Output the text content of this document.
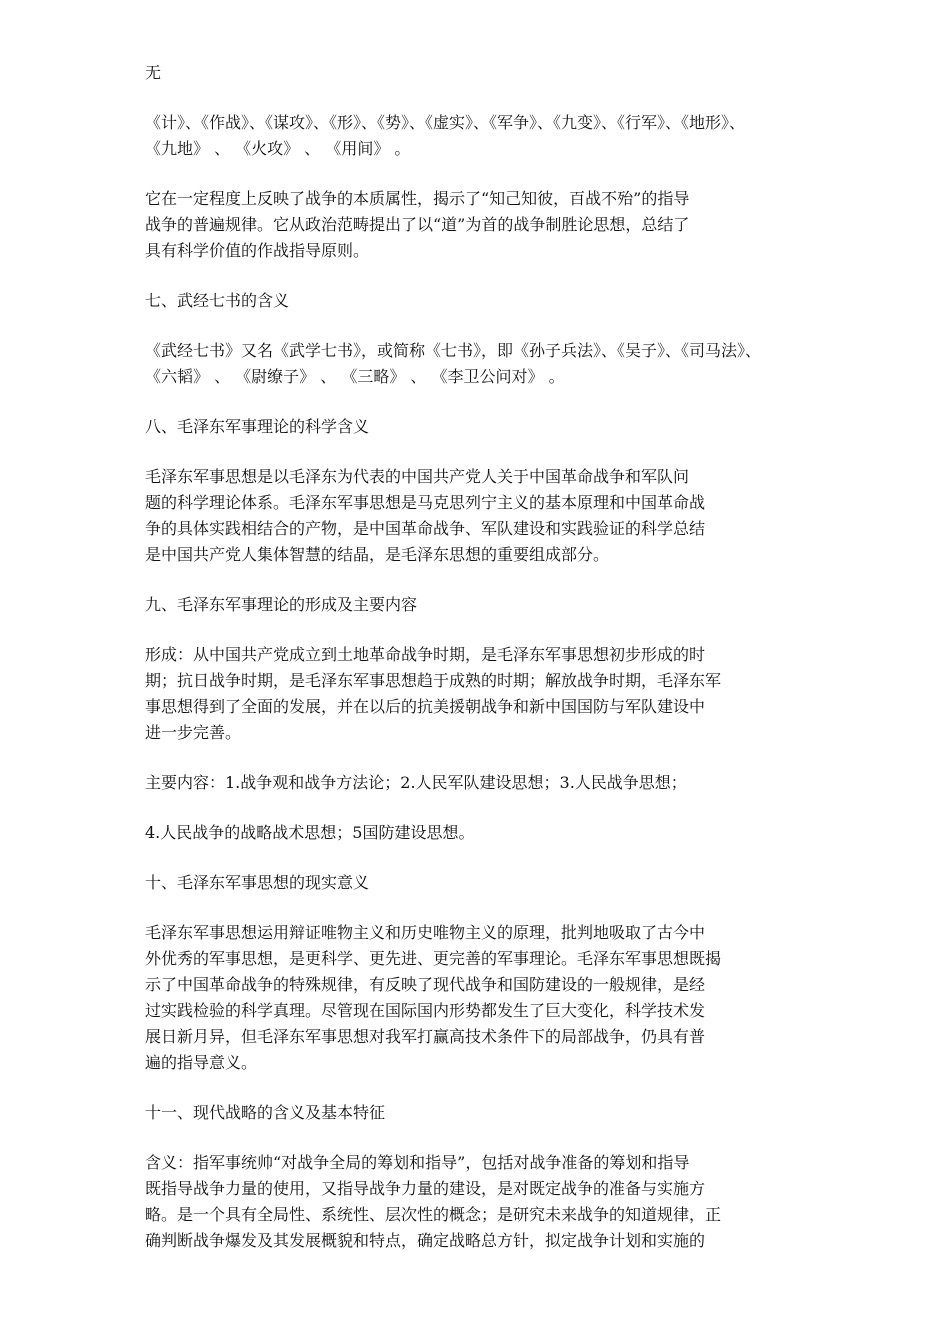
无
《计》、《作战》、《谋攻》、《形》、《势》、《虚实》、《军争》、《九变》、《行军》、《地形》、
《九地》 、 《火攻》 、 《用间》 。
它在一定程度上反映了战争的本质属性，揭示了“知己知彼，百战不殆”的指导
战争的普遍规律。它从政治范畴提出了以“道”为首的战争制胜论思想，总结了
具有科学价值的作战指导原则。
七、武经七书的含义
《武经七书》又名《武学七书》，或简称《七书》，即《孙子兵法》、《吴子》、《司马法》、
《六韬》 、 《尉缭子》 、 《三略》 、 《李卫公问对》 。
八、毛泽东军事理论的科学含义
毛泽东军事思想是以毛泽东为代表的中国共产党人关于中国革命战争和军队问
题的科学理论体系。毛泽东军事思想是马克思列宁主义的基本原理和中国革命战
争的具体实践相结合的产物，是中国革命战争、军队建设和实践验证的科学总结
是中国共产党人集体智慧的结晶，是毛泽东思想的重要组成部分。
九、毛泽东军事理论的形成及主要内容
形成：从中国共产党成立到土地革命战争时期，是毛泽东军事思想初步形成的时
期；抗日战争时期，是毛泽东军事思想趋于成熟的时期；解放战争时期，毛泽东军
事思想得到了全面的发展，并在以后的抗美援朝战争和新中国国防与军队建设中
进一步完善。
主要内容：1.战争观和战争方法论；2.人民军队建设思想；3.人民战争思想；
4.人民战争的战略战术思想；5国防建设思想。
十、毛泽东军事思想的现实意义
毛泽东军事思想运用辩证唯物主义和历史唯物主义的原理，批判地吸取了古今中
外优秀的军事思想，是更科学、更先进、更完善的军事理论。毛泽东军事思想既揭
示了中国革命战争的特殊规律，有反映了现代战争和国防建设的一般规律，是经
过实践检验的科学真理。尽管现在国际国内形势都发生了巨大变化，科学技术发
展日新月异，但毛泽东军事思想对我军打赢高技术条件下的局部战争，仍具有普
遍的指导意义。
十一、现代战略的含义及基本特征
含义：指军事统帅“对战争全局的筹划和指导”，包括对战争准备的筹划和指导
既指导战争力量的使用，又指导战争力量的建设，是对既定战争的准备与实施方
略。是一个具有全局性、系统性、层次性的概念；是研究未来战争的知道规律，正
确判断战争爆发及其发展概貌和特点，确定战略总方针，拟定战争计划和实施的
